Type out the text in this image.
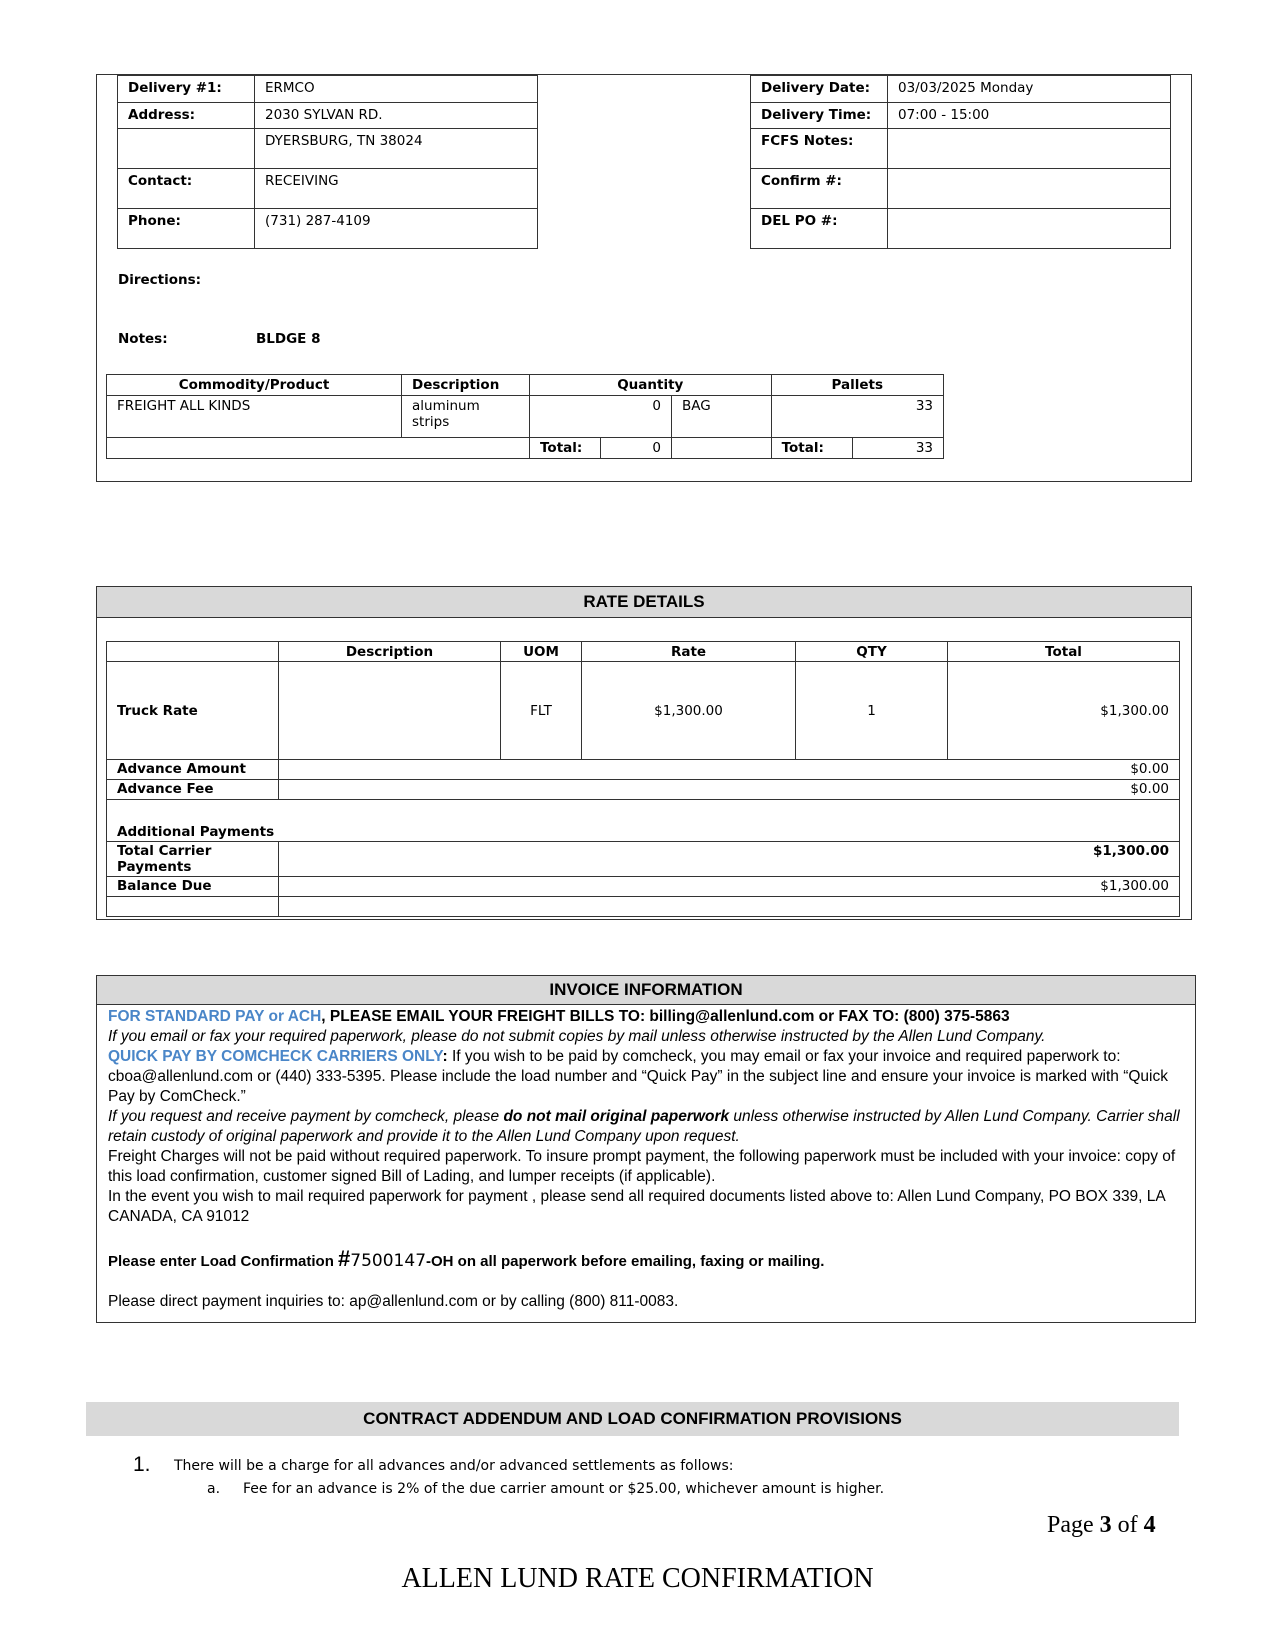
Delivery #1:	ERMCO
Address:	2030 SYLVAN RD.
	DYERSBURG, TN 38024
Contact:	RECEIVING
Phone:	(731) 287-4109
Delivery Date:	03/03/2025 Monday
Delivery Time:	07:00 - 15:00
FCFS Notes:	
Confirm #:	
DEL PO #:	
Directions:
Notes:	BLDGE 8
Commodity/Product	Description	Quantity			Pallets	
FREIGHT ALL KINDS	aluminum strips	0		BAG	33	
		Total:	0		Total:	33
RATE DETAILS
	Description	UOM	Rate	QTY	Total
Truck Rate		FLT	$1,300.00	1	$1,300.00
Advance Amount	$0.00				
Advance Fee	$0.00				
Additional Payments					
Total Carrier Payments	$1,300.00				
Balance Due	$1,300.00				

INVOICE INFORMATION

FOR STANDARD PAY or ACH, PLEASE EMAIL YOUR FREIGHT BILLS TO: billing@allenlund.com or FAX TO: (800) 375-5863

If you email or fax your required paperwork, please do not submit copies by mail unless otherwise instructed by the Allen Lund Company.

QUICK PAY BY COMCHECK CARRIERS ONLY: If you wish to be paid by comcheck, you may email or fax your invoice and required paperwork to: cboa@allenlund.com or (440) 333-5395. Please include the load number and “Quick Pay” in the subject line and ensure your invoice is marked with “Quick Pay by ComCheck.”

If you request and receive payment by comcheck, please do not mail original paperwork unless otherwise instructed by Allen Lund Company. Carrier shall retain custody of original paperwork and provide it to the Allen Lund Company upon request.

Freight Charges will not be paid without required paperwork. To insure prompt payment, the following paperwork must be included with your invoice: copy of this load confirmation, customer signed Bill of Lading, and lumper receipts (if applicable).

In the event you wish to mail required paperwork for payment , please send all required documents listed above to: Allen Lund Company, PO BOX 339, LA CANADA, CA 91012

Please enter Load Confirmation #7500147-OH on all paperwork before emailing, faxing or mailing.

Please direct payment inquiries to: ap@allenlund.com or by calling (800) 811-0083.

CONTRACT ADDENDUM AND LOAD CONFIRMATION PROVISIONS
1. There will be a charge for all advances and/or advanced settlements as follows:
a. Fee for an advance is 2% of the due carrier amount or $25.00, whichever amount is higher.
Page 3 of 4
ALLEN LUND RATE CONFIRMATION
